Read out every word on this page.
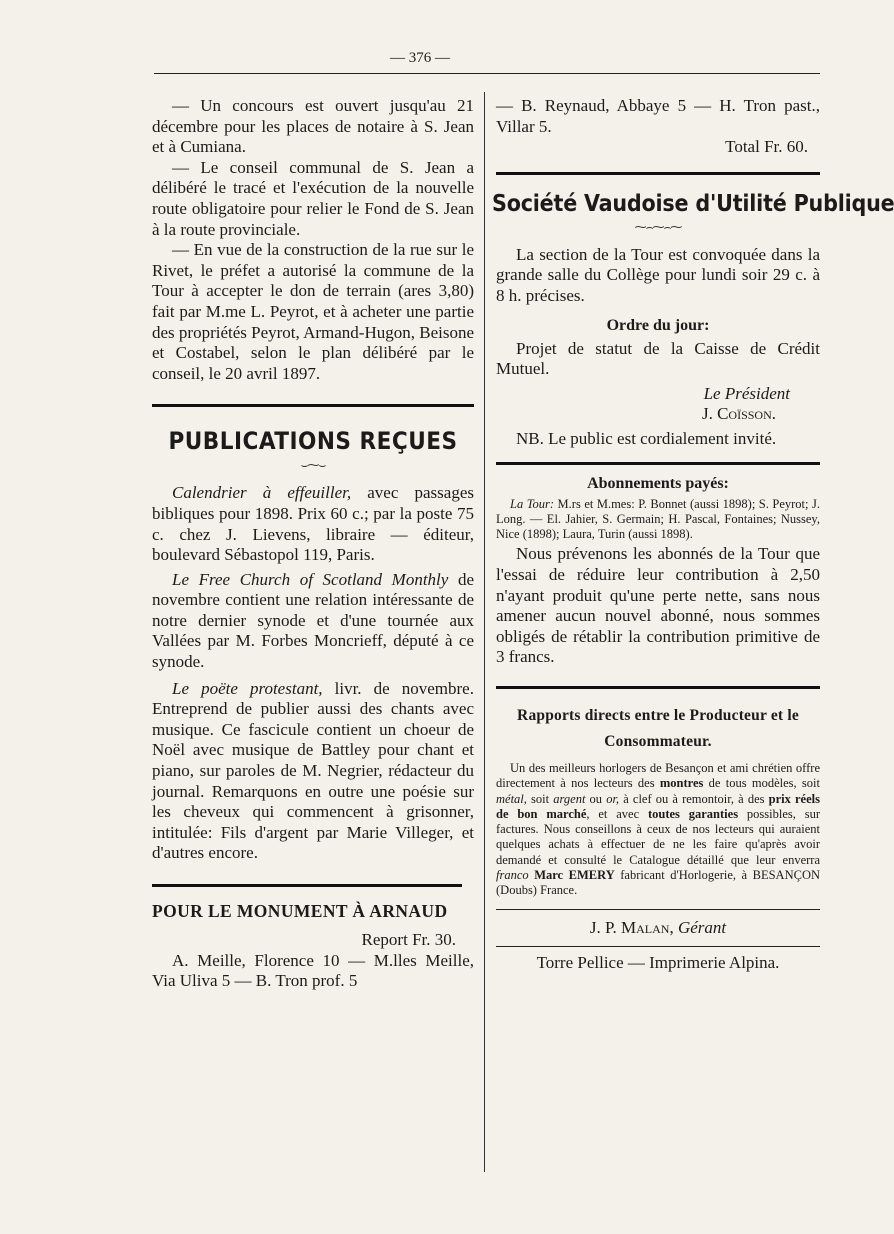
— 376 —

— Un concours est ouvert jusqu'au 21 décembre pour les places de notaire à S. Jean et à Cumiana.

— Le conseil communal de S. Jean a délibéré le tracé et l'exécution de la nouvelle route obligatoire pour relier le Fond de S. Jean à la route provinciale.

— En vue de la construction de la rue sur le Rivet, le préfet a autorisé la commune de la Tour à accepter le don de terrain (ares 3,80) fait par M.me L. Peyrot, et à acheter une partie des propriétés Peyrot, Armand-Hugon, Beisone et Costabel, selon le plan délibéré par le conseil, le 20 avril 1897.

PUBLICATIONS REÇUES
⌣⁓⌣

Calendrier à effeuiller, avec passages bibliques pour 1898. Prix 60 c.; par la poste 75 c. chez J. Lievens, libraire — éditeur, boulevard Sébastopol 119, Paris.

Le Free Church of Scotland Monthly de novembre contient une relation intéressante de notre dernier synode et d'une tournée aux Vallées par M. Forbes Moncrieff, député à ce synode.

Le poëte protestant, livr. de novembre. Entreprend de publier aussi des chants avec musique. Ce fascicule contient un choeur de Noël avec musique de Battley pour chant et piano, sur paroles de M. Negrier, rédacteur du journal. Remarquons en outre une poésie sur les cheveux qui commencent à grisonner, intitulée: Fils d'argent par Marie Villeger, et d'autres encore.

POUR LE MONUMENT À ARNAUD

Report Fr. 30.

A. Meille, Florence 10 — M.lles Meille, Via Uliva 5 — B. Tron prof. 5

— B. Reynaud, Abbaye 5 — H. Tron past., Villar 5.

Total Fr. 60.

Société Vaudoise d'Utilité Publique
⁓⌢⁓⌢⁓

La section de la Tour est convoquée dans la grande salle du Collège pour lundi soir 29 c. à 8 h. précises.

Ordre du jour:

Projet de statut de la Caisse de Crédit Mutuel.

Le Président

J. Coïsson.

NB. Le public est cordialement invité.

Abonnements payés:

La Tour: M.rs et M.mes: P. Bonnet (aussi 1898); S. Peyrot; J. Long. — El. Jahier, S. Germain; H. Pascal, Fontaines; Nussey, Nice (1898); Laura, Turin (aussi 1898).

Nous prévenons les abonnés de la Tour que l'essai de réduire leur contribution à 2,50 n'ayant produit qu'une perte nette, sans nous amener aucun nouvel abonné, nous sommes obligés de rétablir la contribution primitive de 3 francs.

Rapports directs entre le Producteur et le Consommateur.

Un des meilleurs horlogers de Besançon et ami chrétien offre directement à nos lecteurs des montres de tous modèles, soit métal, soit argent ou or, à clef ou à remontoir, à des prix réels de bon marché, et avec toutes garanties possibles, sur factures. Nous conseillons à ceux de nos lecteurs qui auraient quelques achats à effectuer de ne les faire qu'après avoir demandé et consulté le Catalogue détaillé que leur enverra franco Marc EMERY fabricant d'Horlogerie, à BESANÇON (Doubs) France.

J. P. Malan, Gérant

Torre Pellice — Imprimerie Alpina.
